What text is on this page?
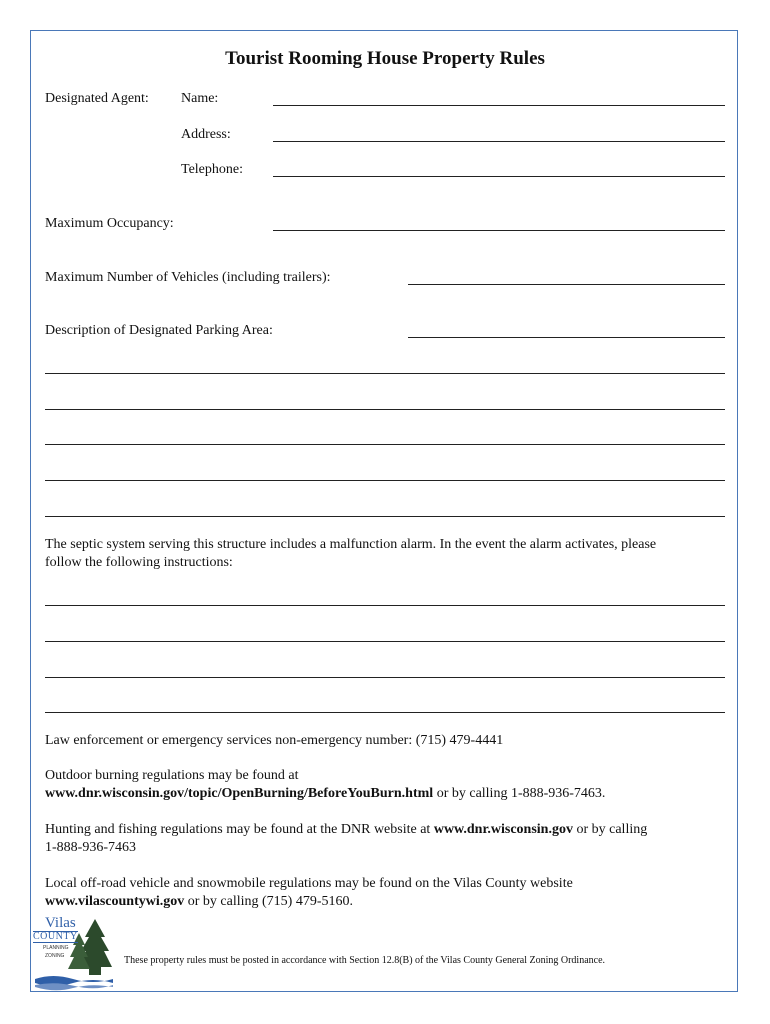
Tourist Rooming House Property Rules
Designated Agent: Name:
Address:
Telephone:
Maximum Occupancy:
Maximum Number of Vehicles (including trailers):
Description of Designated Parking Area:
The septic system serving this structure includes a malfunction alarm. In the event the alarm activates, please
follow the following instructions:
Law enforcement or emergency services non-emergency number: (715) 479-4441
Outdoor burning regulations may be found at
www.dnr.wisconsin.gov/topic/OpenBurning/BeforeYouBurn.html or by calling 1-888-936-7463.
Hunting and fishing regulations may be found at the DNR website at www.dnr.wisconsin.gov or by calling
1-888-936-7463
Local off-road vehicle and snowmobile regulations may be found on the Vilas County website
www.vilascountywi.gov or by calling (715) 479-5160.
Vilas
COUNTY
PLANNING
ZONING	These property rules must be posted in accordance with Section 12.8(B) of the Vilas County General Zoning Ordinance.
